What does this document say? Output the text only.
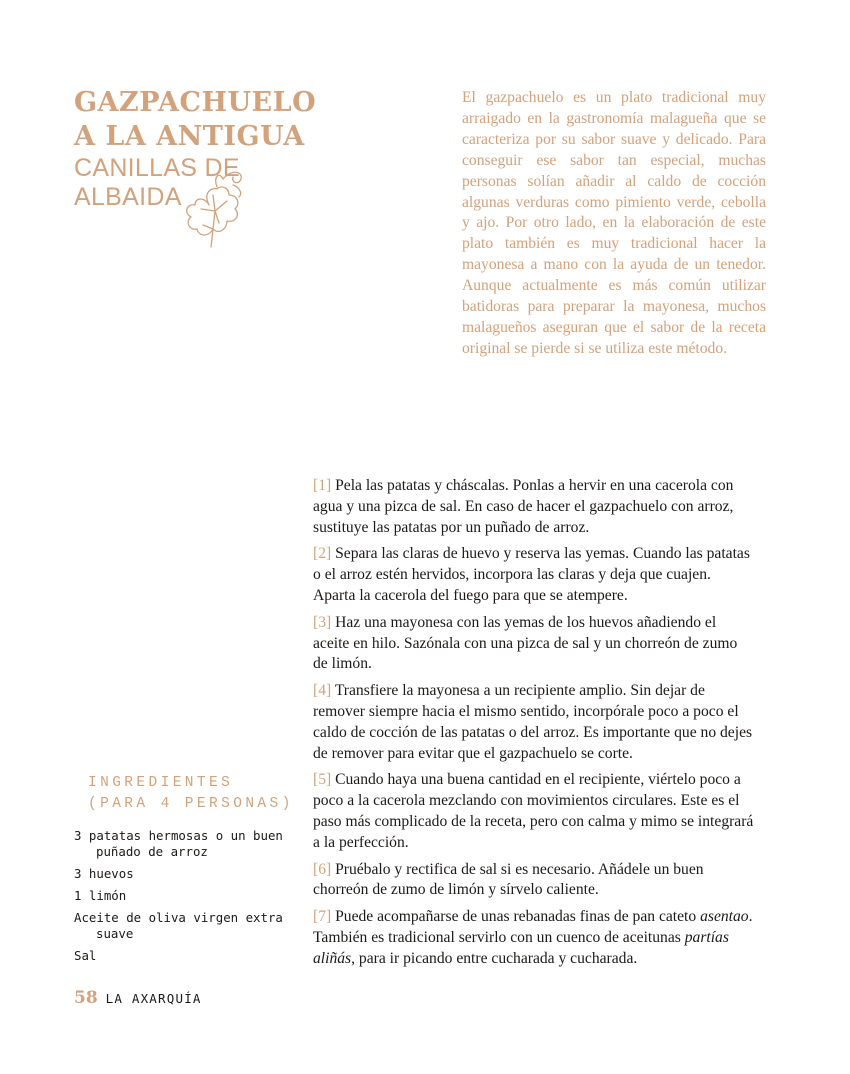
GAZPACHUELO
A LA ANTIGUA
CANILLAS DE
ALBAIDA

El gazpachuelo es un plato tradicional muy arraigado en la gastronomía malagueña que se caracteriza por su sabor suave y delicado. Para conseguir ese sabor tan especial, muchas personas solían añadir al caldo de cocción algunas verduras como pimiento verde, cebolla y ajo. Por otro lado, en la elaboración de este plato también es muy tradicional hacer la mayonesa a mano con la ayuda de un tenedor. Aunque actualmente es más común utilizar batidoras para preparar la mayonesa, muchos malagueños aseguran que el sabor de la receta original se pierde si se utiliza este método.

[1] Pela las patatas y cháscalas. Ponlas a hervir en una cacerola con agua y una pizca de sal. En caso de hacer el gazpachuelo con arroz, sustituye las patatas por un puñado de arroz.

[2] Separa las claras de huevo y reserva las yemas. Cuando las patatas o el arroz estén hervidos, incorpora las claras y deja que cuajen. Aparta la cacerola del fuego para que se atempere.

[3] Haz una mayonesa con las yemas de los huevos añadiendo el aceite en hilo. Sazónala con una pizca de sal y un chorreón de zumo de limón.

[4] Transfiere la mayonesa a un recipiente amplio. Sin dejar de remover siempre hacia el mismo sentido, incorpórale poco a poco el caldo de cocción de las patatas o del arroz. Es importante que no dejes de remover para evitar que el gazpachuelo se corte.

[5] Cuando haya una buena cantidad en el recipiente, viértelo poco a poco a la cacerola mezclando con movimientos circulares. Este es el paso más complicado de la receta, pero con calma y mimo se integrará a la perfección.

[6] Pruébalo y rectifica de sal si es necesario. Añádele un buen chorreón de zumo de limón y sírvelo caliente.

[7] Puede acompañarse de unas rebanadas finas de pan cateto asentao. También es tradicional servirlo con un cuenco de aceitunas partías aliñás, para ir picando entre cucharada y cucharada.

INGREDIENTES
(PARA 4 PERSONAS)
3 patatas hermosas o un buen puñado de arroz
3 huevos
1 limón
Aceite de oliva virgen extra suave
Sal
58 LA AXARQUÍA
